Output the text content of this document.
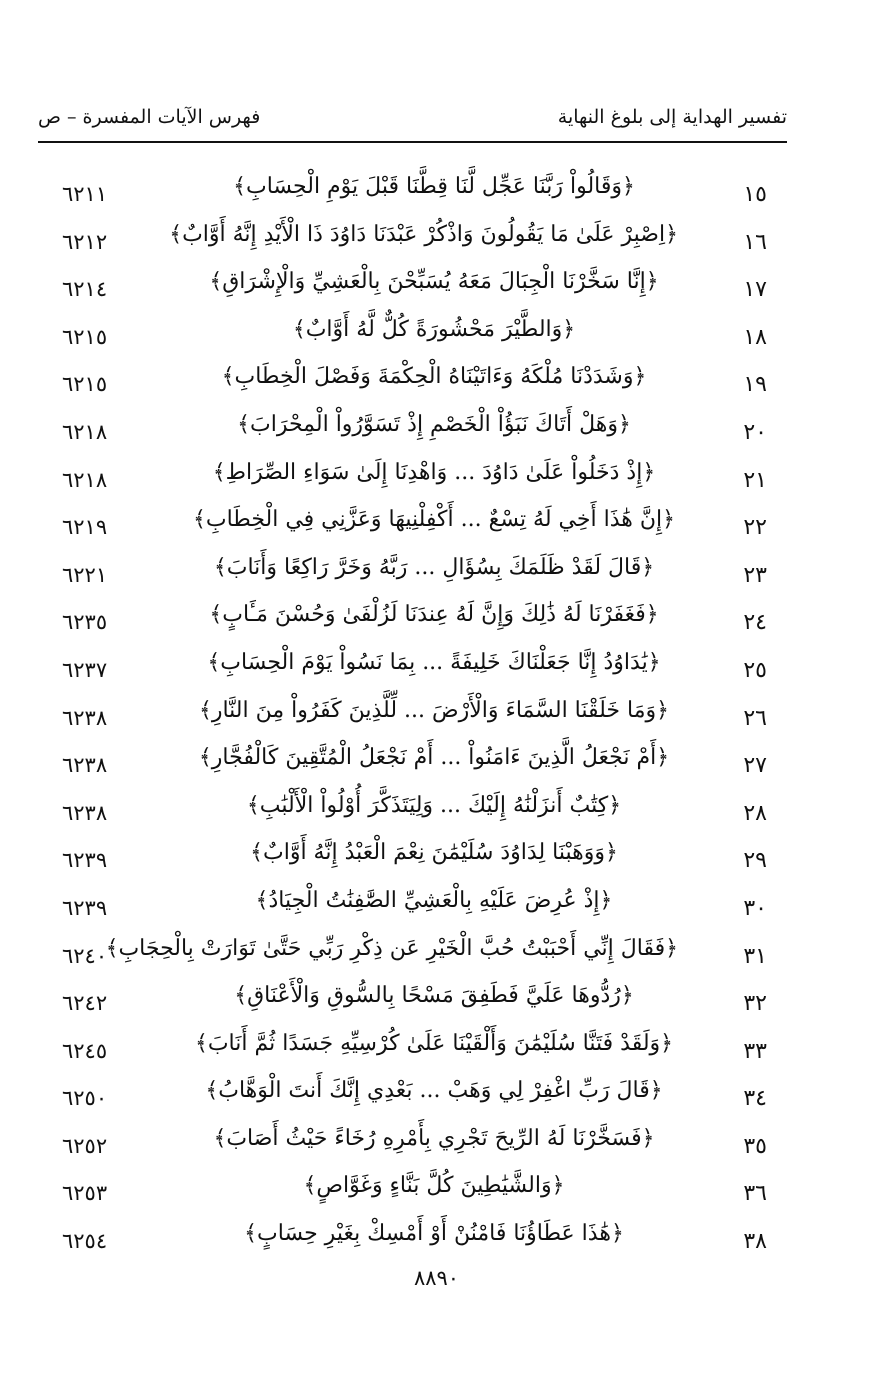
تفسير الهداية إلى بلوغ النهاية
فهرس الآيات المفسرة – ص
١٥
﴿وَقَالُواْ رَبَّنَا عَجِّل لَّنَا قِطَّنَا قَبْلَ يَوْمِ الْحِسَابِ﴾
٦٢١١
١٦
﴿اِصْبِرْ عَلَىٰ مَا يَقُولُونَ وَاذْكُرْ عَبْدَنَا دَاوُدَ ذَا الْأَيْدِ إِنَّهُ أَوَّابٌ﴾
٦٢١٢
١٧
﴿إِنَّا سَخَّرْنَا الْجِبَالَ مَعَهُ يُسَبِّحْنَ بِالْعَشِيِّ وَالْإِشْرَاقِ﴾
٦٢١٤
١٨
﴿وَالطَّيْرَ مَحْشُورَةً كُلٌّ لَّهُ أَوَّابٌ﴾
٦٢١٥
١٩
﴿وَشَدَدْنَا مُلْكَهُ وَءَاتَيْنَاهُ الْحِكْمَةَ وَفَصْلَ الْخِطَابِ﴾
٦٢١٥
٢٠
﴿وَهَلْ أَتَاكَ نَبَؤُاْ الْخَصْمِ إِذْ تَسَوَّرُواْ الْمِحْرَابَ﴾
٦٢١٨
٢١
﴿إِذْ دَخَلُواْ عَلَىٰ دَاوُدَ ... وَاهْدِنَا إِلَىٰ سَوَاءِ الصِّرَاطِ﴾
٦٢١٨
٢٢
﴿إِنَّ هَٰذَا أَخِي لَهُ تِسْعٌ ... أَكْفِلْنِيهَا وَعَزَّنِي فِي الْخِطَابِ﴾
٦٢١٩
٢٣
﴿قَالَ لَقَدْ ظَلَمَكَ بِسُؤَالِ ... رَبَّهُ وَخَرَّ رَاكِعًا وَأَنَابَ﴾
٦٢٢١
٢٤
﴿فَغَفَرْنَا لَهُ ذَٰلِكَ وَإِنَّ لَهُ عِندَنَا لَزُلْفَىٰ وَحُسْنَ مَـَٔابٍ﴾
٦٢٣٥
٢٥
﴿يَٰدَاوُدُ إِنَّا جَعَلْنَاكَ خَلِيفَةً ... بِمَا نَسُواْ يَوْمَ الْحِسَابِ﴾
٦٢٣٧
٢٦
﴿وَمَا خَلَقْنَا السَّمَاءَ وَالْأَرْضَ ... لِّلَّذِينَ كَفَرُواْ مِنَ النَّارِ﴾
٦٢٣٨
٢٧
﴿أَمْ نَجْعَلُ الَّذِينَ ءَامَنُواْ ... أَمْ نَجْعَلُ الْمُتَّقِينَ كَالْفُجَّارِ﴾
٦٢٣٨
٢٨
﴿كِتَٰبٌ أَنزَلْنَٰهُ إِلَيْكَ ... وَلِيَتَذَكَّرَ أُوْلُواْ الْأَلْبَٰبِ﴾
٦٢٣٨
٢٩
﴿وَوَهَبْنَا لِدَاوُدَ سُلَيْمَٰنَ نِعْمَ الْعَبْدُ إِنَّهُ أَوَّابٌ﴾
٦٢٣٩
٣٠
﴿إِذْ عُرِضَ عَلَيْهِ بِالْعَشِيِّ الصَّٰفِنَٰتُ الْجِيَادُ﴾
٦٢٣٩
٣١
﴿فَقَالَ إِنِّي أَحْبَبْتُ حُبَّ الْخَيْرِ عَن ذِكْرِ رَبِّي حَتَّىٰ تَوَارَتْ بِالْحِجَابِ﴾
٦٢٤٠
٣٢
﴿رُدُّوهَا عَلَيَّ فَطَفِقَ مَسْحًا بِالسُّوقِ وَالْأَعْنَاقِ﴾
٦٢٤٢
٣٣
﴿وَلَقَدْ فَتَنَّا سُلَيْمَٰنَ وَأَلْقَيْنَا عَلَىٰ كُرْسِيِّهِ جَسَدًا ثُمَّ أَنَابَ﴾
٦٢٤٥
٣٤
﴿قَالَ رَبِّ اغْفِرْ لِي وَهَبْ ... بَعْدِي إِنَّكَ أَنتَ الْوَهَّابُ﴾
٦٢٥٠
٣٥
﴿فَسَخَّرْنَا لَهُ الرِّيحَ تَجْرِي بِأَمْرِهِ رُخَاءً حَيْثُ أَصَابَ﴾
٦٢٥٢
٣٦
﴿وَالشَّيَٰطِينَ كُلَّ بَنَّاءٍ وَغَوَّاصٍ﴾
٦٢٥٣
٣٨
﴿هَٰذَا عَطَاؤُنَا فَامْنُنْ أَوْ أَمْسِكْ بِغَيْرِ حِسَابٍ﴾
٦٢٥٤
٨٨٩٠
